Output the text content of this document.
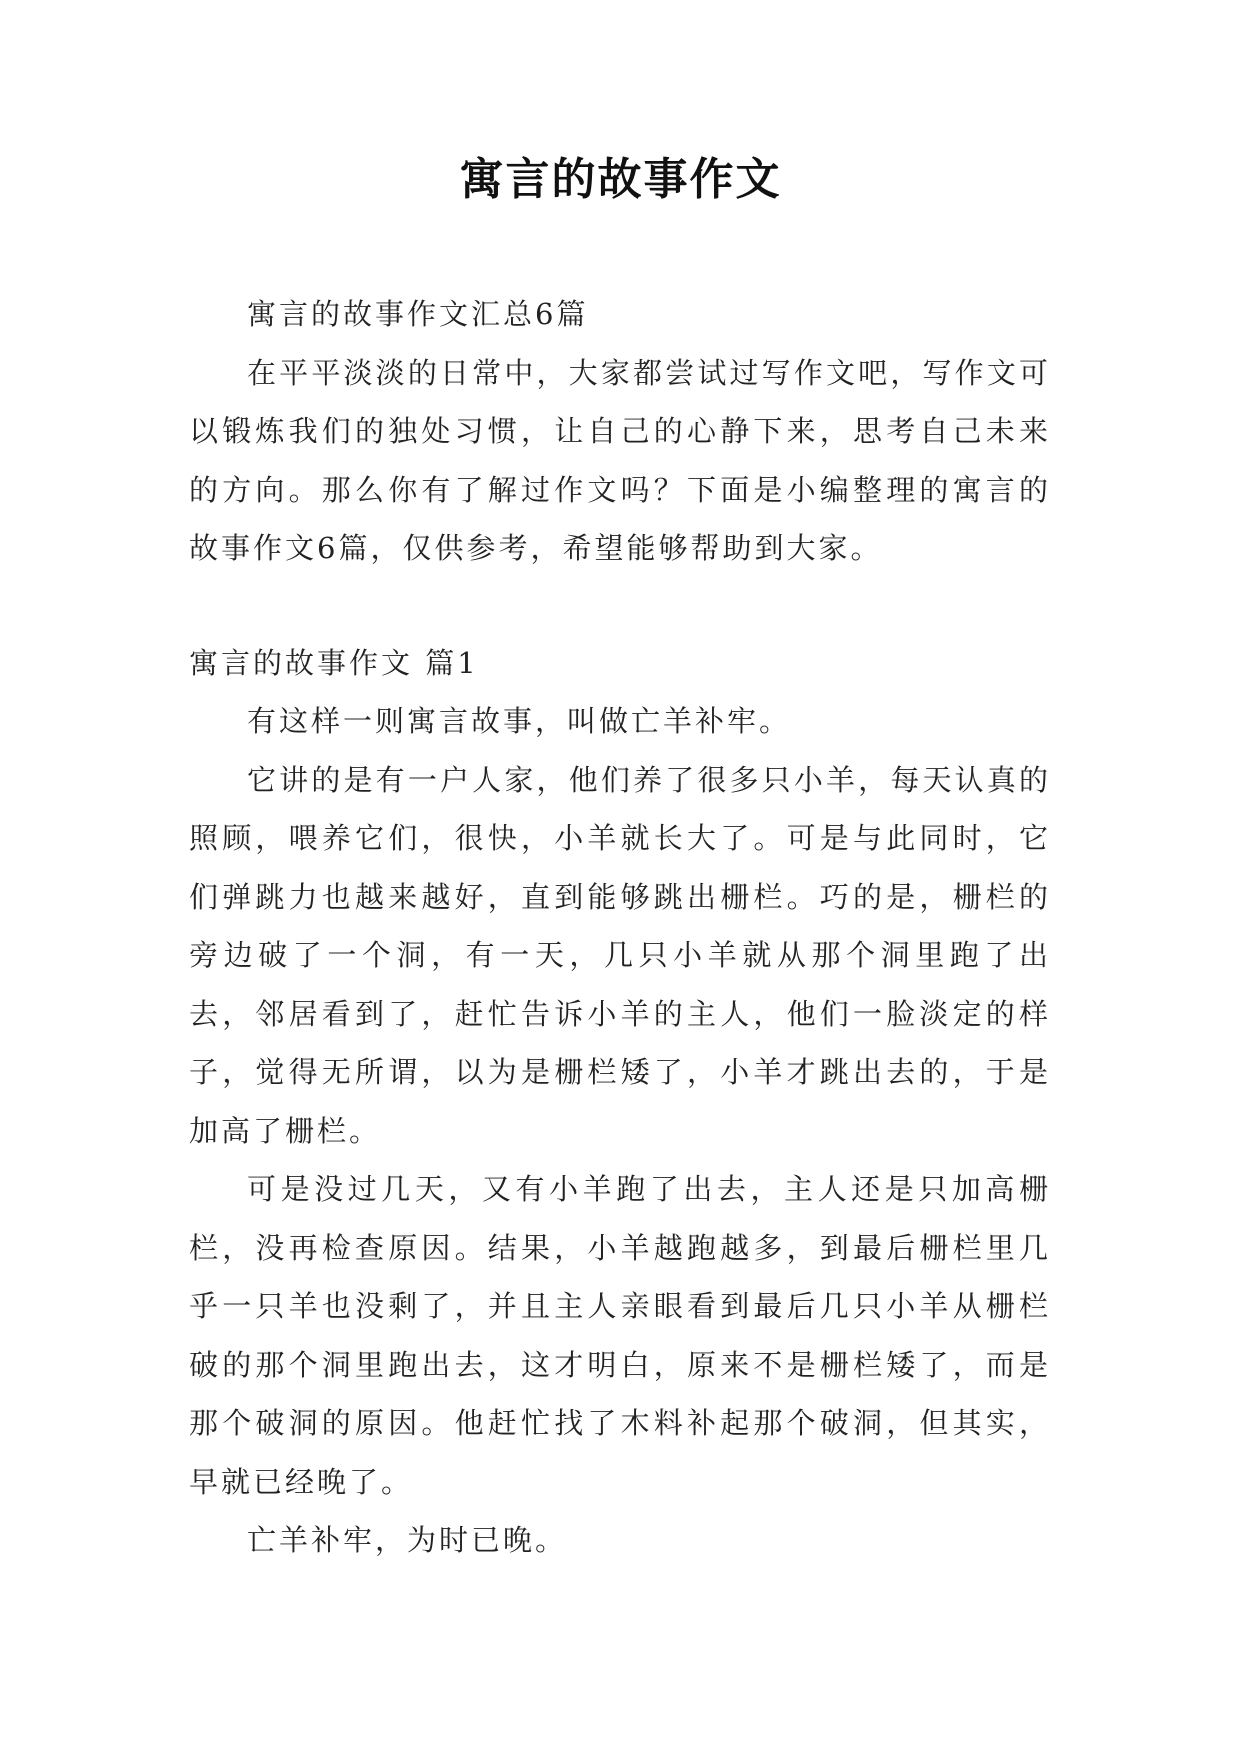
寓言的故事作文

寓言的故事作文汇总6篇

在平平淡淡的日常中，大家都尝试过写作文吧，写作文可以锻炼我们的独处习惯，让自己的心静下来，思考自己未来的方向。那么你有了解过作文吗？下面是小编整理的寓言的故事作文6篇，仅供参考，希望能够帮助到大家。

寓言的故事作文 篇1

有这样一则寓言故事，叫做亡羊补牢。

它讲的是有一户人家，他们养了很多只小羊，每天认真的照顾，喂养它们，很快，小羊就长大了。可是与此同时，它们弹跳力也越来越好，直到能够跳出栅栏。巧的是，栅栏的旁边破了一个洞，有一天，几只小羊就从那个洞里跑了出去，邻居看到了，赶忙告诉小羊的主人，他们一脸淡定的样子，觉得无所谓，以为是栅栏矮了，小羊才跳出去的，于是加高了栅栏。

可是没过几天，又有小羊跑了出去，主人还是只加高栅栏，没再检查原因。结果，小羊越跑越多，到最后栅栏里几乎一只羊也没剩了，并且主人亲眼看到最后几只小羊从栅栏破的那个洞里跑出去，这才明白，原来不是栅栏矮了，而是那个破洞的原因。他赶忙找了木料补起那个破洞，但其实，早就已经晚了。

亡羊补牢，为时已晚。
